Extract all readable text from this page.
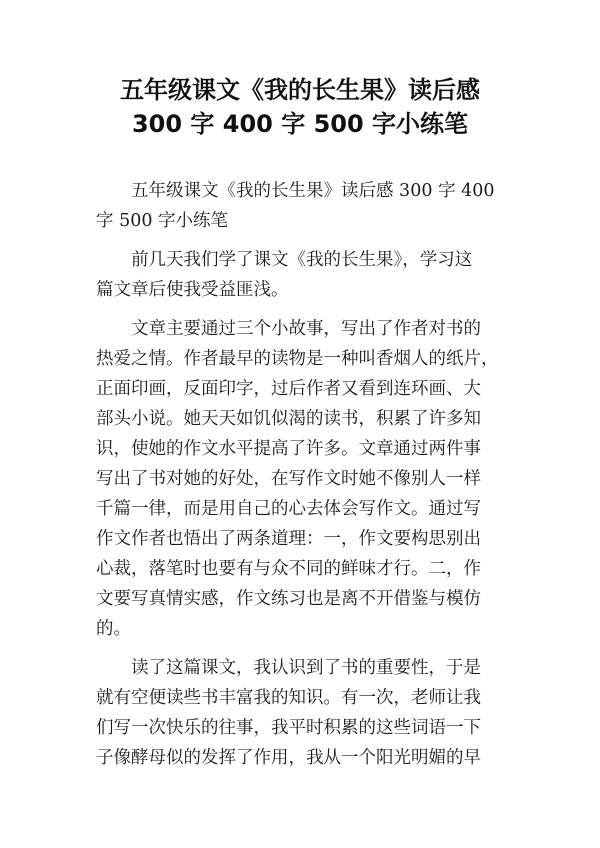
五年级课文《我的长生果》读后感
300 字 400 字 500 字小练笔
五年级课文《我的长生果》读后感 300 字 400
字 500 字小练笔
前几天我们学了课文《我的长生果》，学习这
篇文章后使我受益匪浅。
文章主要通过三个小故事，写出了作者对书的
热爱之情。作者最早的读物是一种叫香烟人的纸片，
正面印画，反面印字，过后作者又看到连环画、大
部头小说。她天天如饥似渴的读书，积累了许多知
识，使她的作文水平提高了许多。文章通过两件事
写出了书对她的好处，在写作文时她不像别人一样
千篇一律，而是用自己的心去体会写作文。通过写
作文作者也悟出了两条道理：一，作文要构思别出
心裁，落笔时也要有与众不同的鲜味才行。二，作
文要写真情实感，作文练习也是离不开借鉴与模仿
的。
读了这篇课文，我认识到了书的重要性，于是
就有空便读些书丰富我的知识。有一次，老师让我
们写一次快乐的往事，我平时积累的这些词语一下
子像酵母似的发挥了作用，我从一个阳光明媚的早
